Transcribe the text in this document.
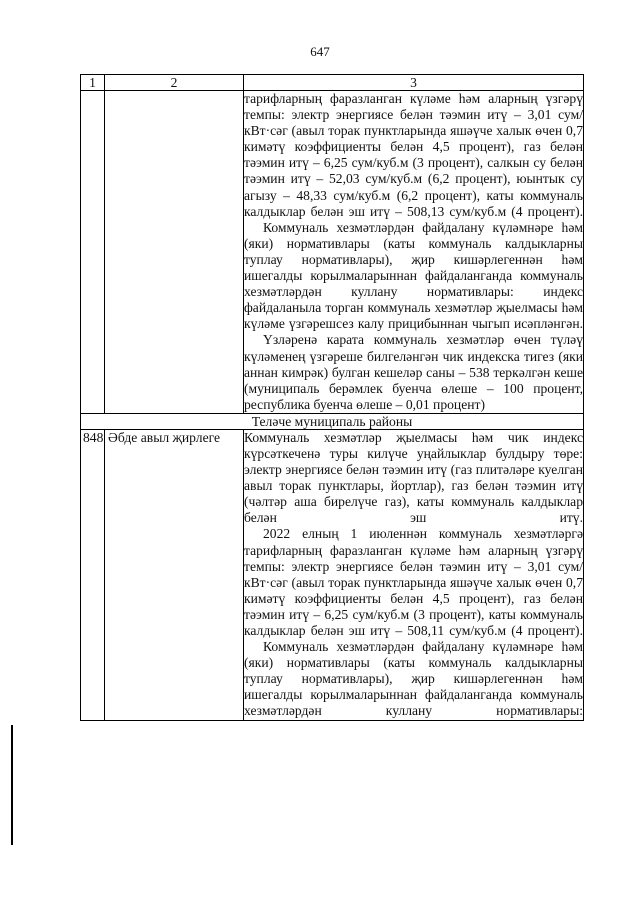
647
1	2	3

		тарифларның фаразланган күләме һәм аларның үзгәрү темпы: электр энергиясе белән тәэмин итү – 3,01 сум/кВт·сәг (авыл торак пунктларында яшәүче халык өчен 0,7 кимәтү коэффициенты белән 4,5 процент), газ белән тәэмин итү – 6,25 сум/куб.м (3 процент), салкын су белән тәэмин итү – 52,03 сум/куб.м (6,2 процент), юынтык су агызу – 48,33 сум/куб.м (6,2 процент), каты коммуналь калдыклар белән эш итү – 508,13 сум/куб.м (4 процент).

Коммуналь хезмәтләрдән файдалану күләмнәре һәм (яки) нормативлары (каты коммуналь калдыкларны туплау нормативлары), җир кишәрлегеннән һәм ишегалды корылмаларыннан файдаланганда коммуналь хезмәтләрдән куллану нормативлары: индекс файдаланыла торган коммуналь хезмәтләр җыелмасы һәм күләме үзгәрешсез калу прицибыннан чыгып исәпләнгән.

Үзләренә карата коммуналь хезмәтләр өчен түләү күләменең үзгәреше билгеләнгән чик индекска тигез (яки аннан кимрәк) булган кешеләр саны – 538 теркәлгән кеше (муниципаль берәмлек буенча өлеше – 100 процент, республика буенча өлеше – 0,01 процент)

Теләче муниципаль районы		
848	Әбде авыл җирлеге	Коммуналь хезмәтләр җыелмасы һәм чик индекс күрсәткеченә туры килүче уңайлыклар булдыру төре: электр энергиясе белән тәэмин итү (газ плитәләре куелган авыл торак пунктлары, йортлар), газ белән тәэмин итү (чәлтәр аша бирелүче газ), каты коммуналь калдыклар белән эш итү.

2022 елның 1 июленнән коммуналь хезмәтләргә тарифларның фаразланган күләме һәм аларның үзгәрү темпы: электр энергиясе белән тәэмин итү – 3,01 сум/кВт·сәг (авыл торак пунктларында яшәүче халык өчен 0,7 кимәтү коэффициенты белән 4,5 процент), газ белән тәэмин итү – 6,25 сум/куб.м (3 процент), каты коммуналь калдыклар белән эш итү – 508,11 сум/куб.м (4 процент).

Коммуналь хезмәтләрдән файдалану күләмнәре һәм (яки) нормативлары (каты коммуналь калдыкларны туплау нормативлары), җир кишәрлегеннән һәм ишегалды корылмаларыннан файдаланганда коммуналь хезмәтләрдән куллану нормативлары:
